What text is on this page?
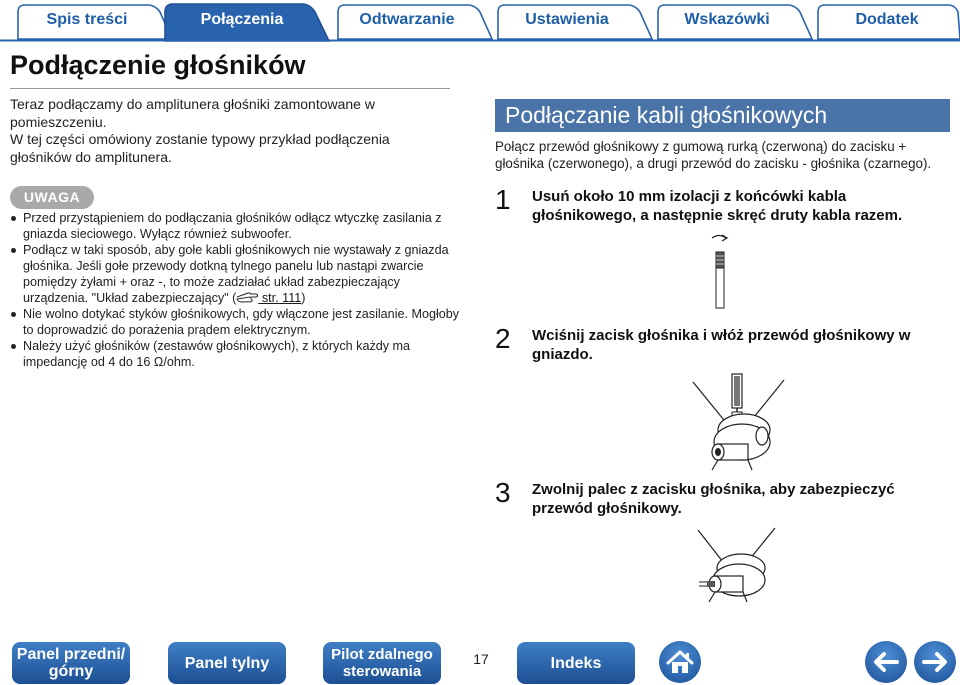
Spis treści	Połączenia	Odtwarzanie	Ustawienia	Wskazówki	Dodatek
Podłączenie głośników

Teraz podłączamy do amplitunera głośniki zamontowane w pomieszczeniu.

W tej części omówiony zostanie typowy przykład podłączenia głośników do amplitunera.

UWAGA
Przed przystąpieniem do podłączania głośników odłącz wtyczkę zasilania z gniazda sieciowego. Wyłącz również subwoofer.
Podłącz w taki sposób, aby gołe kabli głośnikowych nie wystawały z gniazda głośnika. Jeśli gołe przewody dotkną tylnego panelu lub nastąpi zwarcie pomiędzy żyłami + oraz -, to może zadziałać układ zabezpieczający urządzenia. "Układ zabezpieczający" ( str. 111)
Nie wolno dotykać styków głośnikowych, gdy włączone jest zasilanie. Mogłoby to doprowadzić do porażenia prądem elektrycznym.
Należy użyć głośników (zestawów głośnikowych), z których każdy ma impedancję od 4 do 16 Ω/ohm.
Podłączanie kabli głośnikowych
Połącz przewód głośnikowy z gumową rurką (czerwoną) do zacisku + głośnika (czerwonego), a drugi przewód do zacisku - głośnika (czarnego).
1 Usuń około 10 mm izolacji z końcówki kabla głośnikowego, a następnie skręć druty kabla razem.
2 Wciśnij zacisk głośnika i włóż przewód głośnikowy w gniazdo.
3 Zwolnij palec z zacisku głośnika, aby zabezpieczyć przewód głośnikowy.
Panel przedni/ górny	Panel tylny	Pilot zdalnego sterowania
17	Indeks
